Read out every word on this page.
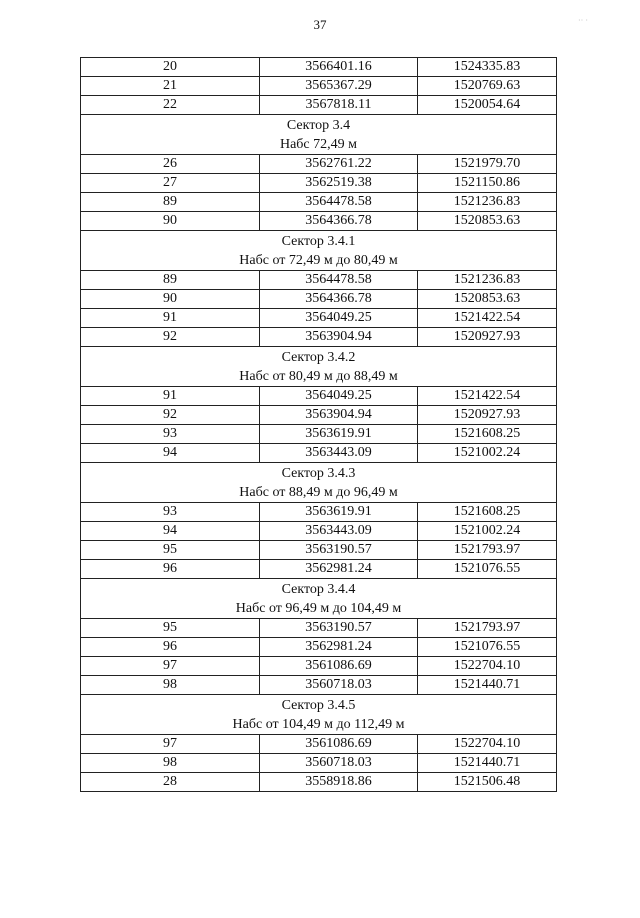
37	·· ·
20	3566401.16	1524335.83
21	3565367.29	1520769.63
22	3567818.11	1520054.64

Сектор 3.4
Набс 72,49 м		

26	3562761.22	1521979.70
27	3562519.38	1521150.86
89	3564478.58	1521236.83
90	3564366.78	1520853.63

Сектор 3.4.1
Набс от 72,49 м до 80,49 м		

89	3564478.58	1521236.83
90	3564366.78	1520853.63
91	3564049.25	1521422.54
92	3563904.94	1520927.93

Сектор 3.4.2
Набс от 80,49 м до 88,49 м		

91	3564049.25	1521422.54
92	3563904.94	1520927.93
93	3563619.91	1521608.25
94	3563443.09	1521002.24

Сектор 3.4.3
Набс от 88,49 м до 96,49 м		

93	3563619.91	1521608.25
94	3563443.09	1521002.24
95	3563190.57	1521793.97
96	3562981.24	1521076.55

Сектор 3.4.4
Набс от 96,49 м до 104,49 м		

95	3563190.57	1521793.97
96	3562981.24	1521076.55
97	3561086.69	1522704.10
98	3560718.03	1521440.71

Сектор 3.4.5
Набс от 104,49 м до 112,49 м		

97	3561086.69	1522704.10
98	3560718.03	1521440.71
28	3558918.86	1521506.48
